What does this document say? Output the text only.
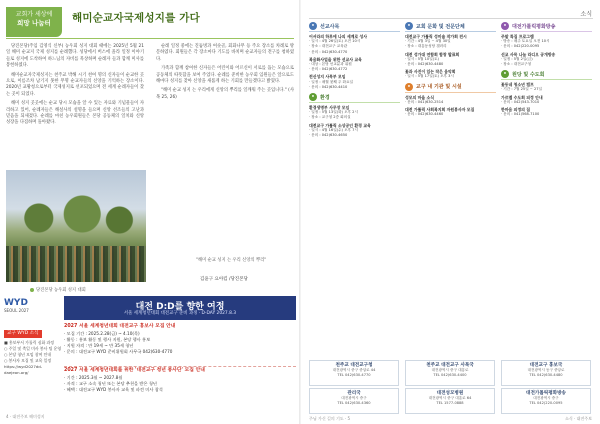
교회가 세상에
희망 나눔터	해미순교자국제성지를 가다

당진본당(주임 김영식 신부) 농우회 성지 대회 때에는 2025년 5월 21일 해미 순교지 국제 성지를 순례했다. 성당에서 버스에 올라 일정 이야기들로 성지에 도착하여 하느님의 자비를 묵상하며 순례자 들과 함께 미사를 봉헌하였다.

해미순교자국제성지는 천주교 박해 시기 천여 명의 신자들이 순교한 곳으로, 이름조차 남기지 못한 무명 순교자들의 신앙을 기억하는 장소이다. 2020년 교황청으로부터 국제성지로 선포되었으며 전 세계 순례자들이 찾는 곳이 되었다.

해미 성지 곳곳에는 순교 당시 모습을 알 수 있는 자료와 기념물들이 자리하고 있어, 순례자들은 해설사의 설명을 들으며 신앙 선조들의 고난과 믿음을 되새겼다. 순례를 마친 농우회원들은 본당 공동체의 일치와 신앙 성장을 다짐하며 돌아왔다.

순례 일정 중에는 진둠벙과 여숫골, 회화나무 등 주요 장소를 차례로 방문하였다. 회원들은 각 장소마다 기도를 바치며 순교자들의 전구를 청하였다.

가족과 함께 참여한 신자들은 어린이와 어르신이 서로를 돕는 모습으로 공동체의 따뜻함을 보여 주었다. 순례를 준비한 농우회 임원들은 앞으로도 해마다 성지를 찾아 신앙을 새롭게 하는 기회를 만들겠다고 밝혔다.

"해미 순교 성지 는 우리에게 신앙의 뿌리를 일깨워 주는 곳입니다." (사목 25, 26)

당진본당 농우회 성지 대회
"해미 순교 성지 는 우리 신앙의 뿌리"
김윤구 요아킴 /당진본당
WYD
SEOUL 2027
교구 WYD 소식
■ 홍보부서 가톨릭 심화 과정
○ 주일 및 축일 미사 봉사 팀 운영
○ 본당 청년 모임 참여 안내
○ 봉사자 모집 및 교육 일정
https://wyd2027dd-daejeon.org/
대전 D:D를 향한 여정
서울 세계청년대회 대전교구 준비 과정 · D-DAY 2027.8.3
2027 서울 세계청년대회 대전교구 홍보사 모집 안내
· 모집 기간 : 2025.2.28(금) ~ 4.10(목)
· 활동 : 홍보 활동 및 행사 지원, 본당 행사 홍보
· 지원 자격 : 만 19세 ~ 만 35세 청년
· 문의 : 대전교구 WYD 준비위원회 사무국 042)630-4770
2027 서울 세계청년대회를 위한 '대전교구 청년 봉사단' 모집 안내
· 기간 : 2025.3월 ~ 2027.8월
· 자격 : 교구 소속 청년 또는 본당 추천을 받은 청년
· 혜택 : 대전교구 WYD 봉사자 교육 및 파견 미사 참석
4 · 대전주보 해미성지
소식
•	선교사목
어서라의 하루에 나의 세계로 성사
· 일시 : 4월 26일(토) 오전 10시
· 장소 : 대전교구 교육관
· 문의 : 042)630-4770
복음화사업을 위한 선교사 교육
· 대상 : 본당 선교분과 위원
· 문의 : 042)630-4772
전신성지 사목부 모임
· 일정 : 매월 첫째 주 화요일
· 문의 : 042)630-4410
•	환경
환경생명부 사무장 모임
· 일정 : 5월 13일(화) 오후 2시
· 장소 : 교구청 2층 회의실
대전교구 가톨릭 소상공인 환경 교육
· 일시 : 4월 16일(수) 오후 7시
· 문의 : 042)630-4650
•	교회 문화 및 전문단체
대전교구 가톨릭 성미술 작가회 전시
· 기간 : 4월 3일 ~ 4월 30일
· 장소 : 대흥동성당 갤러리
대전 성가대 연합회 합창 발표회
· 일시 : 5월 10일(토)
· 문의 : 042)630-4480
꽃과 사진이 있는 작은 음악회
· 일시 : 5월 17일(토) 오후 3시
•	교구 내 기관 및 시설
성모의 마을 소식
· 문의 : 041)630-2514
대전 가톨릭 사회복지회 자원봉사자 모집
· 문의 : 042)630-4460
•	대전가톨릭평화방송
주말 특집 프로그램
· 방송 : 매주 토요일 오전 10시
· 문의 : 042)220-0095
선교 사목 나눔 라디오 공개방송
· 일정 : 5월 2일(금)
· 장소 : 대전교구청
•	원당 및 수도회
꽃동네 청소년 캠프
· 기간 : 7월 25일 ~ 27일
가르멜 수도회 피정 안내
· 문의 : 042)543-7010
한마음 피정의 집
· 문의 : 041)568-7100
천주교 대전교구청
대전광역시 중구 중앙로 44
TEL 042)630-4770
천주교 대전교구 사목국
대전광역시 중구 대흥로
TEL 042)630-4400
대전교구 홍보국
대전광역시 동구 중앙로
TEL 042)630-4480
관리국
대전광역시 중구
TEL 042)630-4360
대전성모병원
대전광역시 중구 대흥로 64
TEL 1577-0888
대전가톨릭평화방송
대전광역시 중구
TEL 042)220-0095
주님 가신 길의 기도 · 5	소식 · 대전주보
